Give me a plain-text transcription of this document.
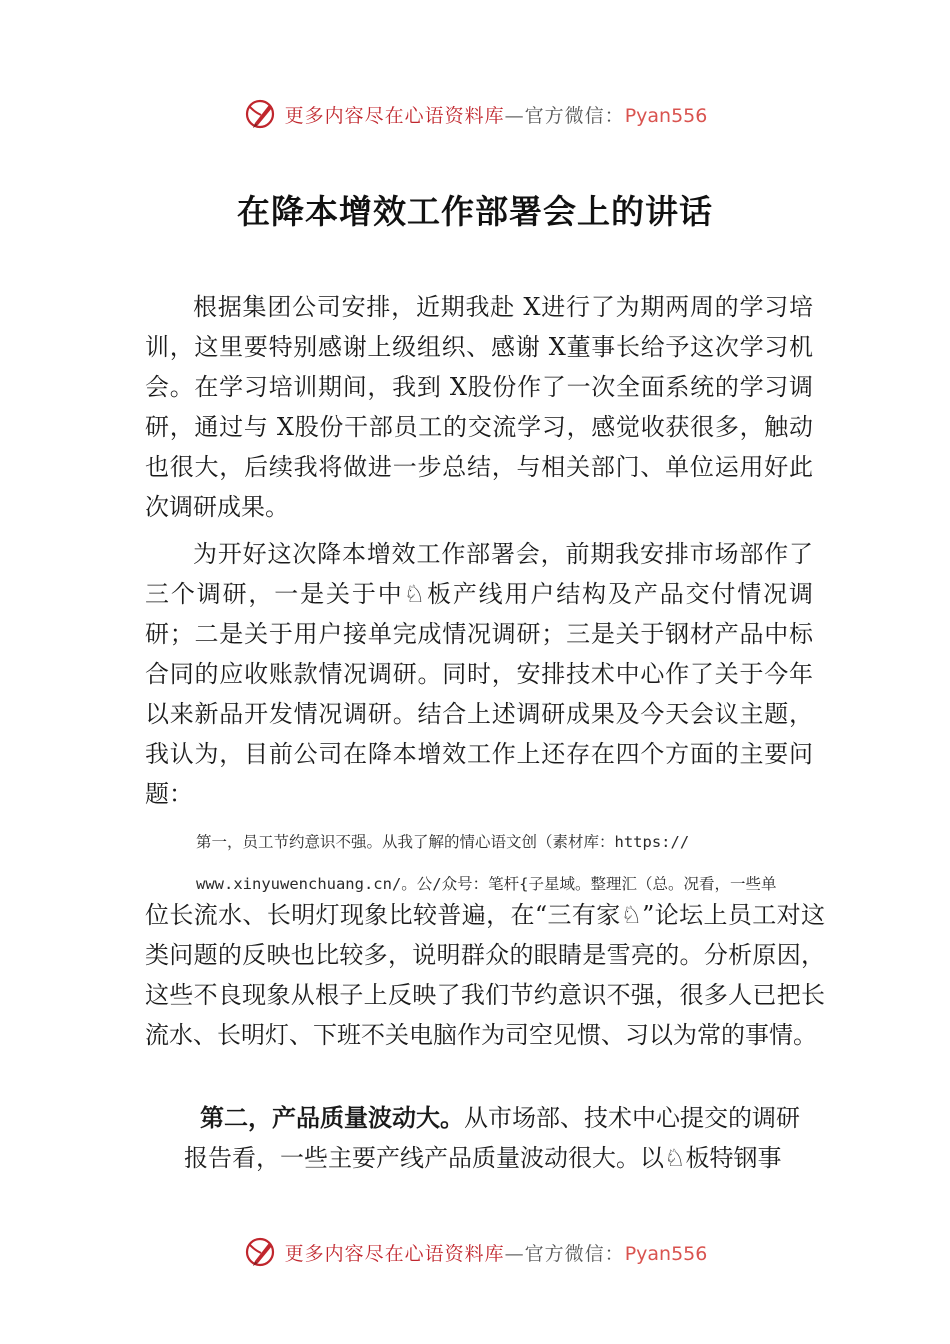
更多内容尽在心语资料库—官方微信：Pyan556
在降本增效工作部署会上的讲话

根据集团公司安排，近期我赴 X进行了为期两周的学习培训，这里要特别感谢上级组织、感谢 X董事长给予这次学习机会。在学习培训期间，我到 X股份作了一次全面系统的学习调研，通过与 X股份干部员工的交流学习，感觉收获很多，触动也很大，后续我将做进一步总结，与相关部门、单位运用好此次调研成果。

为开好这次降本增效工作部署会，前期我安排市场部作了三个调研，一是关于中♘板产线用户结构及产品交付情况调研；二是关于用户接单完成情况调研；三是关于钢材产品中标合同的应收账款情况调研。同时，安排技术中心作了关于今年以来新品开发情况调研。结合上述调研成果及今天会议主题，我认为，目前公司在降本增效工作上还存在四个方面的主要问题：

第一，员工节约意识不强。从我了解的情心语文创（素材库：https://

www.xinyuwenchuang.cn/。公/众号：笔杆{子星域。整理汇（总。况看，一些单

位长流水、长明灯现象比较普遍，在“三有家♘”论坛上员工对这类问题的反映也比较多，说明群众的眼睛是雪亮的。分析原因，这些不良现象从根子上反映了我们节约意识不强，很多人已把长流水、长明灯、下班不关电脑作为司空见惯、习以为常的事情。

第二，产品质量波动大。从市场部、技术中心提交的调研报告看，一些主要产线产品质量波动很大。以♘板特钢事

更多内容尽在心语资料库—官方微信：Pyan556
